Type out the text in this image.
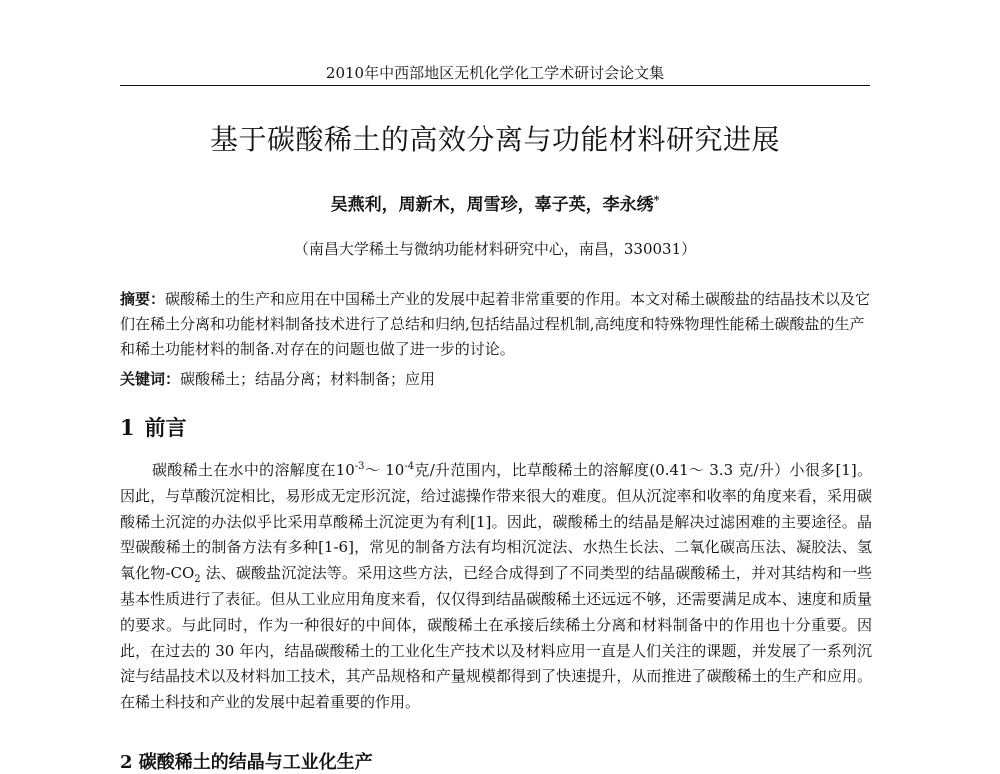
2010年中西部地区无机化学化工学术研讨会论文集
基于碳酸稀土的高效分离与功能材料研究进展
吴燕利，周新木，周雪珍，辜子英，李永绣*
（南昌大学稀土与微纳功能材料研究中心，南昌，330031）

摘要：碳酸稀土的生产和应用在中国稀土产业的发展中起着非常重要的作用。本文对稀土碳酸盐的结晶技术以及它们在稀土分离和功能材料制备技术进行了总结和归纳,包括结晶过程机制,高纯度和特殊物理性能稀土碳酸盐的生产和稀土功能材料的制备.对存在的问题也做了进一步的讨论。

关键词：碳酸稀土；结晶分离；材料制备；应用
1 前言

碳酸稀土在水中的溶解度在$10^{-3}\sim$ $10^{-4}$克/升范围内，比草酸稀土的溶解度(0.41～ 3.3 克/升）小很多[1]。因此，与草酸沉淀相比，易形成无定形沉淀，给过滤操作带来很大的难度。但从沉淀率和收率的角度来看，采用碳酸稀土沉淀的办法似乎比采用草酸稀土沉淀更为有利[1]。因此，碳酸稀土的结晶是解决过滤困难的主要途径。晶型碳酸稀土的制备方法有多种[1-6]，常见的制备方法有均相沉淀法、水热生长法、二氧化碳高压法、凝胶法、氢氧化物$-CO_2$ 法、碳酸盐沉淀法等。采用这些方法，已经合成得到了不同类型的结晶碳酸稀土，并对其结构和一些基本性质进行了表征。但从工业应用角度来看，仅仅得到结晶碳酸稀土还远远不够，还需要满足成本、速度和质量的要求。与此同时，作为一种很好的中间体，碳酸稀土在承接后续稀土分离和材料制备中的作用也十分重要。因此，在过去的 30 年内，结晶碳酸稀土的工业化生产技术以及材料应用一直是人们关注的课题，并发展了一系列沉淀与结晶技术以及材料加工技术，其产品规格和产量规模都得到了快速提升，从而推进了碳酸稀土的生产和应用。在稀土科技和产业的发展中起着重要的作用。

2 碳酸稀土的结晶与工业化生产
